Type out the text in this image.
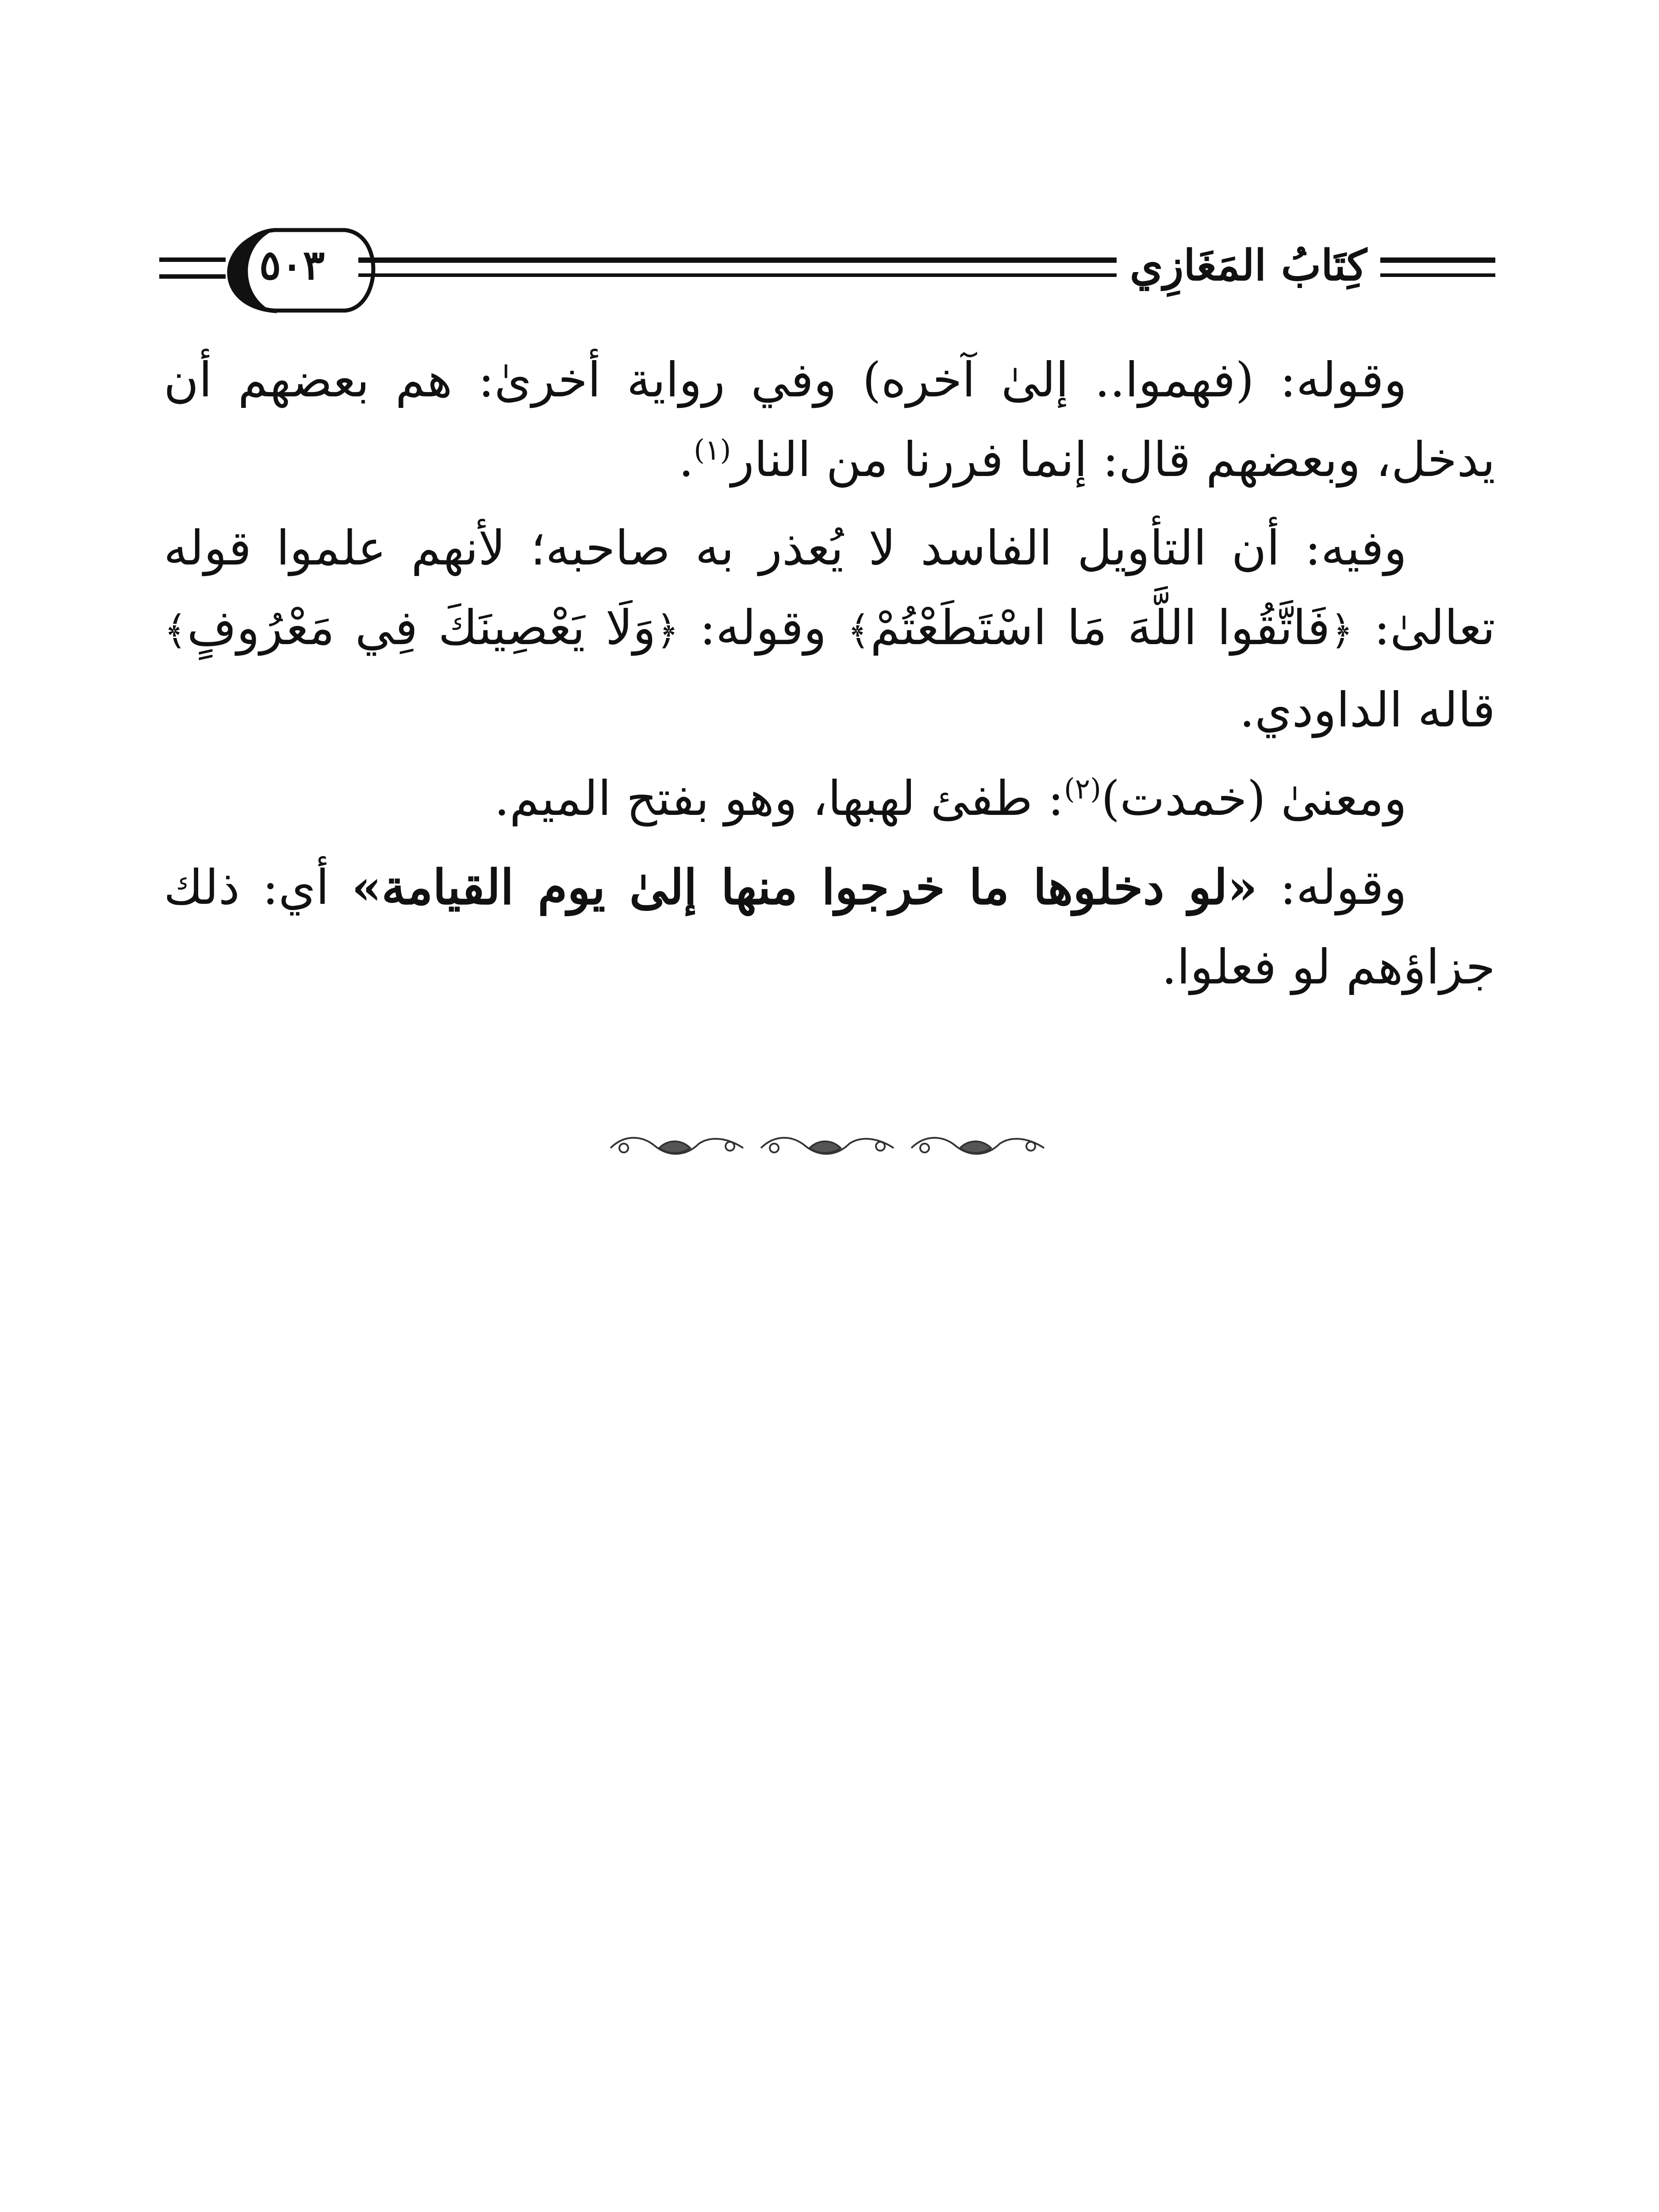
كِتَابُ المَغَازِي
٥٠٣

وقوله: (فهموا.. إلىٰ آخره) وفي رواية أخرىٰ: هم بعضهم أن يدخل، وبعضهم قال: إنما فررنا من النار$^{(١)}$.

وفيه: أن التأويل الفاسد لا يُعذر به صاحبه؛ لأنهم علموا قوله تعالىٰ: ﴿فَاتَّقُوا اللَّهَ مَا اسْتَطَعْتُمْ﴾ وقوله: ﴿وَلَا يَعْصِينَكَ فِي مَعْرُوفٍ﴾ قاله الداودي.

ومعنىٰ (خمدت)$^{(٢)}$: طفئ لهبها، وهو بفتح الميم.

وقوله: «لو دخلوها ما خرجوا منها إلىٰ يوم القيامة» أي: ذلك جزاؤهم لو فعلوا.
